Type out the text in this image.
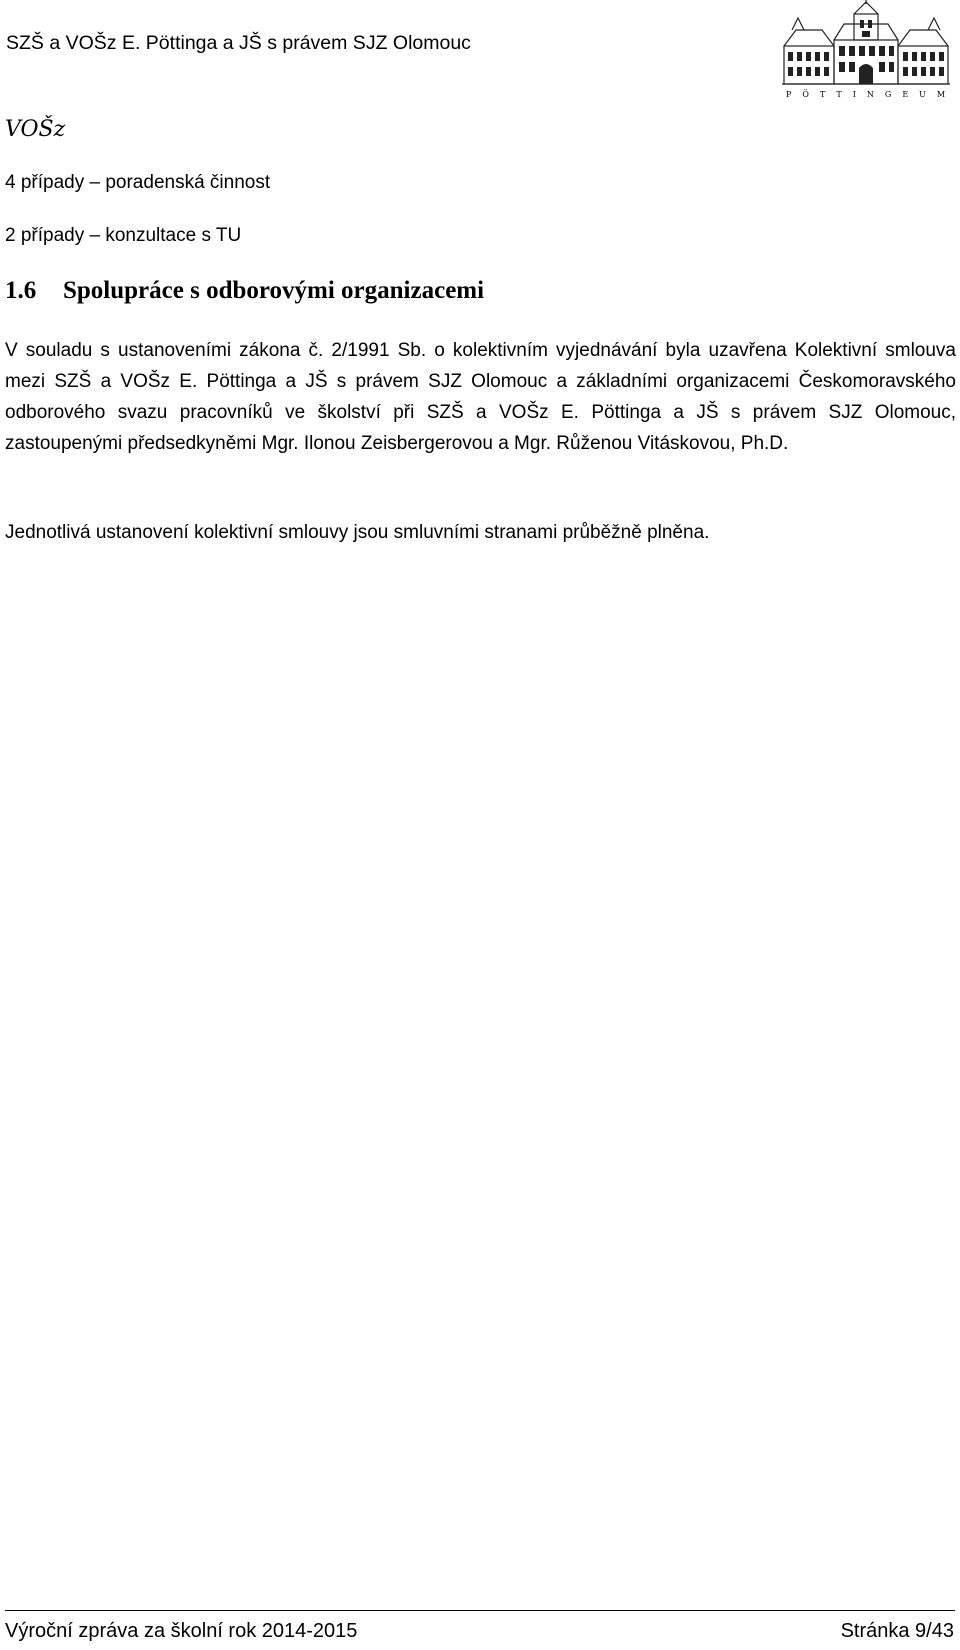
SZŠ a VOŠz E. Pöttinga a JŠ s právem SJZ Olomouc
PÖTTINGEUM
VOŠz
4 případy – poradenská činnost
2 případy – konzultace s TU
1.6 Spolupráce s odborovými organizacemi

V souladu s ustanoveními zákona č. 2/1991 Sb. o kolektivním vyjednávání byla uzavřena Kolektivní smlouva mezi SZŠ a VOŠz E. Pöttinga a JŠ s právem SJZ Olomouc a základními organizacemi Českomoravského odborového svazu pracovníků ve školství při SZŠ a VOŠz E. Pöttinga a JŠ s právem SJZ Olomouc, zastoupenými předsedkyněmi Mgr. Ilonou Zeisbergerovou a Mgr. Růženou Vitáskovou, Ph.D.

Jednotlivá ustanovení kolektivní smlouvy jsou smluvními stranami průběžně plněna.

Výroční zpráva za školní rok 2014-2015	Stránka 9/43
